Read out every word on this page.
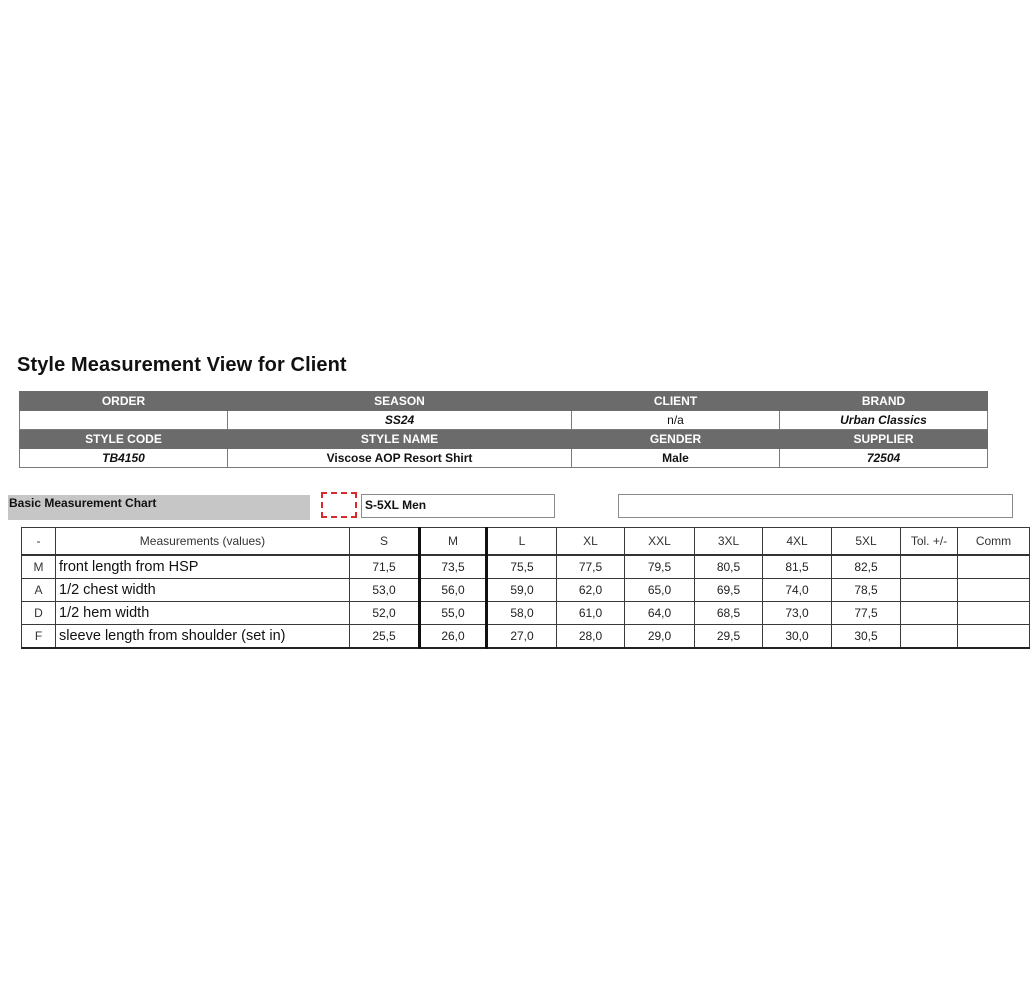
Style Measurement View for Client
ORDER	SEASON	CLIENT	BRAND
	SS24	n/a	Urban Classics
STYLE CODE	STYLE NAME	GENDER	SUPPLIER
TB4150	Viscose AOP Resort Shirt	Male	72504
Basic Measurement Chart	S-5XL Men
-	Measurements (values)	S	M	L	XL	XXL	3XL	4XL	5XL	Tol. +/-	Comm
M	front length from HSP	71,5	73,5	75,5	77,5	79,5	80,5	81,5	82,5		
A	1/2 chest width	53,0	56,0	59,0	62,0	65,0	69,5	74,0	78,5		
D	1/2 hem width	52,0	55,0	58,0	61,0	64,0	68,5	73,0	77,5		
F	sleeve length from shoulder (set in)	25,5	26,0	27,0	28,0	29,0	29,5	30,0	30,5		
